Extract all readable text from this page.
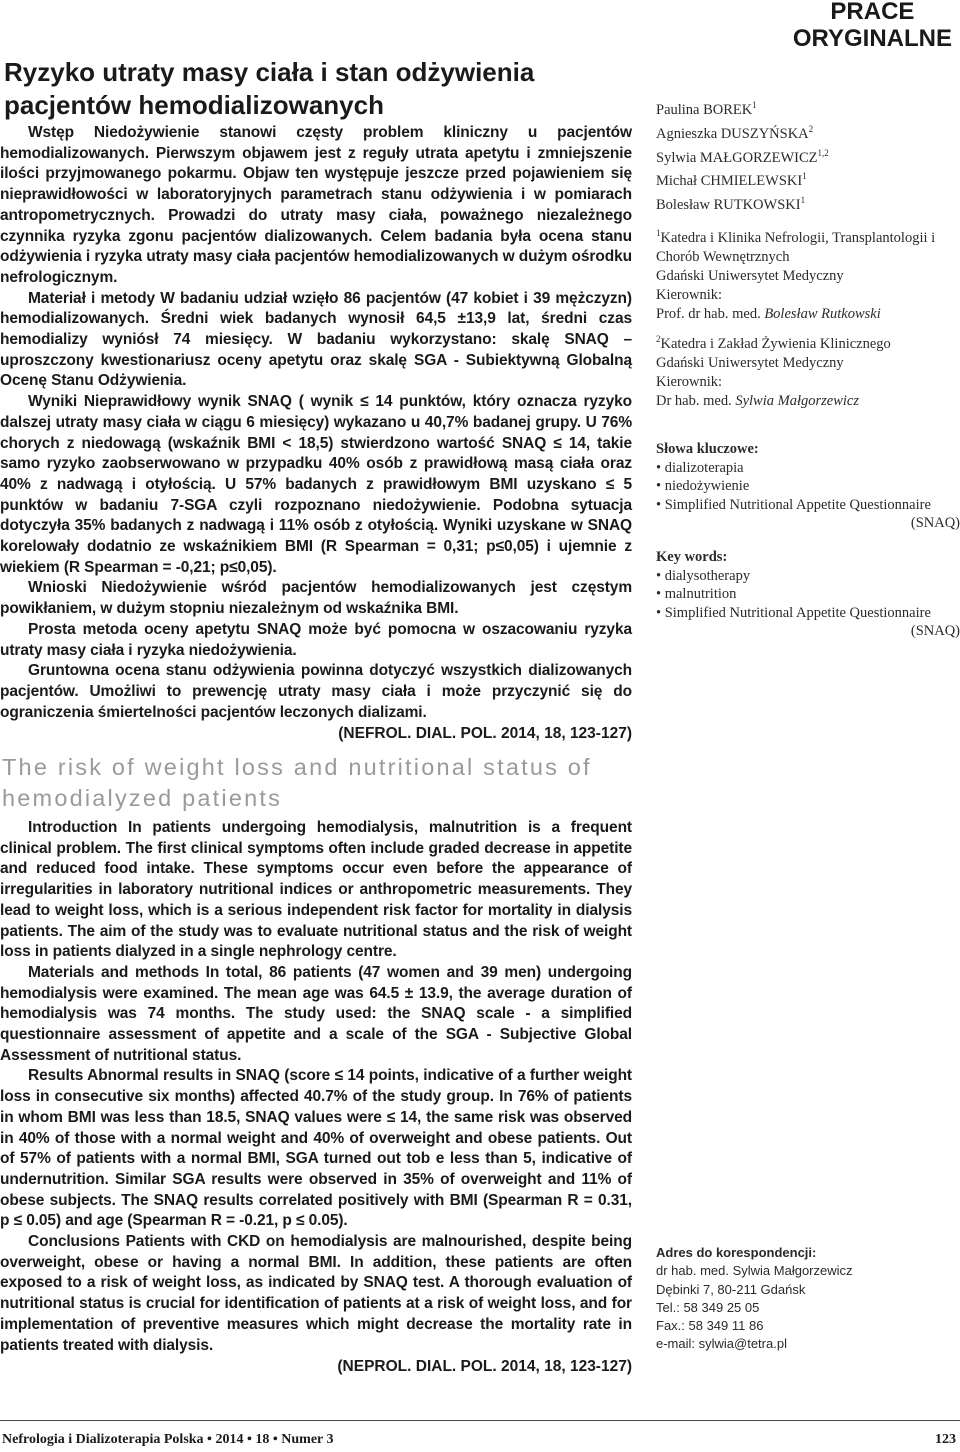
Ryzyko utraty masy ciała i stan odżywienia pacjentów hemodializowanych

Wstęp Niedożywienie stanowi częsty problem kliniczny u pacjentów hemodializowanych. Pierwszym objawem jest z reguły utrata apetytu i zmniejszenie ilości przyjmowanego pokarmu. Objaw ten występuje jeszcze przed pojawieniem się nieprawidłowości w laboratoryjnych parametrach stanu odżywienia i w pomiarach antropometrycznych. Prowadzi do utraty masy ciała, poważnego niezależnego czynnika ryzyka zgonu pacjentów dializowanych. Celem badania była ocena stanu odżywienia i ryzyka utraty masy ciała pacjentów hemodializowanych w dużym ośrodku nefrologicznym.

Materiał i metody W badaniu udział wzięło 86 pacjentów (47 kobiet i 39 mężczyzn) hemodializowanych. Średni wiek badanych wynosił 64,5 ±13,9 lat, średni czas hemodializy wyniósł 74 miesięcy. W badaniu wykorzystano: skalę SNAQ – uproszczony kwestionariusz oceny apetytu oraz skalę SGA - Subiektywną Globalną Ocenę Stanu Odżywienia.

Wyniki Nieprawidłowy wynik SNAQ ( wynik ≤ 14 punktów, który oznacza ryzyko dalszej utraty masy ciała w ciągu 6 miesięcy) wykazano u 40,7% badanej grupy. U 76% chorych z niedowagą (wskaźnik BMI < 18,5) stwierdzono wartość SNAQ ≤ 14, takie samo ryzyko zaobserwowano w przypadku 40% osób z prawidłową masą ciała oraz 40% z nadwagą i otyłością. U 57% badanych z prawidłowym BMI uzyskano ≤ 5 punktów w badaniu 7-SGA czyli rozpoznano niedożywienie. Podobna sytuacja dotyczyła 35% badanych z nadwagą i 11% osób z otyłością. Wyniki uzyskane w SNAQ korelowały dodatnio ze wskaźnikiem BMI (R Spearman = 0,31; p≤0,05) i ujemnie z wiekiem (R Spearman = -0,21; p≤0,05).

Wnioski Niedożywienie wśród pacjentów hemodializowanych jest częstym powikłaniem, w dużym stopniu niezależnym od wskaźnika BMI.

Prosta metoda oceny apetytu SNAQ może być pomocna w oszacowaniu ryzyka utraty masy ciała i ryzyka niedożywienia.

Gruntowna ocena stanu odżywienia powinna dotyczyć wszystkich dializowanych pacjentów. Umożliwi to prewencję utraty masy ciała i może przyczynić się do ograniczenia śmiertelności pacjentów leczonych dializami.

(NEFROL. DIAL. POL. 2014, 18, 123-127)

The risk of weight loss and nutritional status of hemodialyzed patients

Introduction In patients undergoing hemodialysis, malnutrition is a frequent clinical problem. The first clinical symptoms often include graded decrease in appetite and reduced food intake. These symptoms occur even before the appearance of irregularities in laboratory nutritional indices or anthropometric measurements. They lead to weight loss, which is a serious independent risk factor for mortality in dialysis patients. The aim of the study was to evaluate nutritional status and the risk of weight loss in patients dialyzed in a single nephrology centre.

Materials and methods In total, 86 patients (47 women and 39 men) undergoing hemodialysis were examined. The mean age was 64.5 ± 13.9, the average duration of hemodialysis was 74 months. The study used: the SNAQ scale - a simplified questionnaire assessment of appetite and a scale of the SGA - Subjective Global Assessment of nutritional status.

Results Abnormal results in SNAQ (score ≤ 14 points, indicative of a further weight loss in consecutive six months) affected 40.7% of the study group. In 76% of patients in whom BMI was less than 18.5, SNAQ values were ≤ 14, the same risk was observed in 40% of those with a normal weight and 40% of overweight and obese patients. Out of 57% of patients with a normal BMI, SGA turned out tob e less than 5, indicative of undernutrition. Similar SGA results were observed in 35% of overweight and 11% of obese subjects. The SNAQ results correlated positively with BMI (Spearman R = 0.31, p ≤ 0.05) and age (Spearman R = -0.21, p ≤ 0.05).

Conclusions Patients with CKD on hemodialysis are malnourished, despite being overweight, obese or having a normal BMI. In addition, these patients are often exposed to a risk of weight loss, as indicated by SNAQ test. A thorough evaluation of nutritional status is crucial for identification of patients at a risk of weight loss, and for implementation of preventive measures which might decrease the mortality rate in patients treated with dialysis.

(NEPROL. DIAL. POL. 2014, 18, 123-127)

PRACE
ORYGINALNE
Paulina BOREK$^1$
Agnieszka DUSZYŃSKA$^2$
Sylwia MAŁGORZEWICZ$^{1,2}$
Michał CHMIELEWSKI$^1$
Bolesław RUTKOWSKI$^1$
$^1$Katedra i Klinika Nefrologii, Transplantologii i Chorób Wewnętrznych
Gdański Uniwersytet Medyczny
Kierownik:
Prof. dr hab. med. Bolesław Rutkowski
$^2$Katedra i Zakład Żywienia Klinicznego
Gdański Uniwersytet Medyczny
Kierownik:
Dr hab. med. Sylwia Małgorzewicz
Słowa kluczowe:
• dializoterapia
• niedożywienie
• Simplified Nutritional Appetite Questionnaire
(SNAQ)
Key words:
• dialysotherapy
• malnutrition
• Simplified Nutritional Appetite Questionnaire
(SNAQ)
Adres do korespondencji:
dr hab. med. Sylwia Małgorzewicz
Dębinki 7, 80-211 Gdańsk
Tel.: 58 349 25 05
Fax.: 58 349 11 86
e-mail: sylwia@tetra.pl
Nefrologia i Dializoterapia Polska • 2014 • 18 • Numer 3	123
